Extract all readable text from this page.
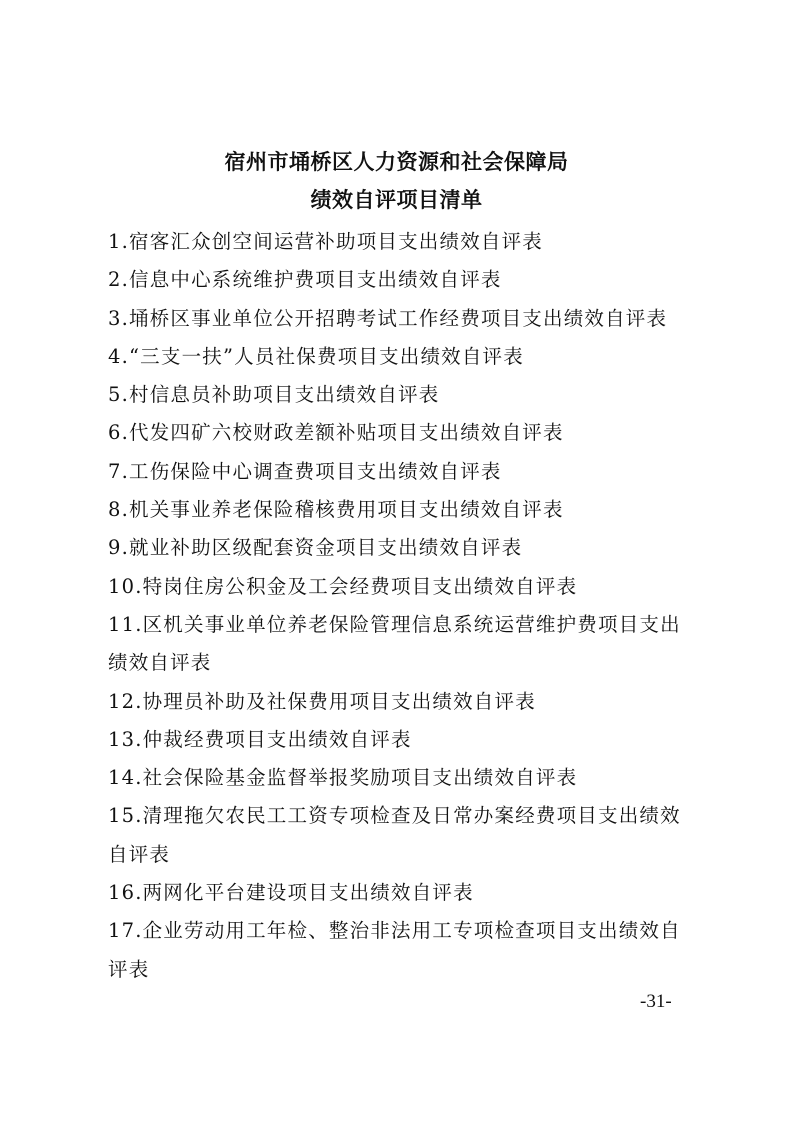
宿州市埇桥区人力资源和社会保障局
绩效自评项目清单
1.宿客汇众创空间运营补助项目支出绩效自评表
2.信息中心系统维护费项目支出绩效自评表
3.埇桥区事业单位公开招聘考试工作经费项目支出绩效自评表
4.“三支一扶”人员社保费项目支出绩效自评表
5.村信息员补助项目支出绩效自评表
6.代发四矿六校财政差额补贴项目支出绩效自评表
7.工伤保险中心调查费项目支出绩效自评表
8.机关事业养老保险稽核费用项目支出绩效自评表
9.就业补助区级配套资金项目支出绩效自评表
10.特岗住房公积金及工会经费项目支出绩效自评表
11.区机关事业单位养老保险管理信息系统运营维护费项目支出绩效自评表
12.协理员补助及社保费用项目支出绩效自评表
13.仲裁经费项目支出绩效自评表
14.社会保险基金监督举报奖励项目支出绩效自评表
15.清理拖欠农民工工资专项检查及日常办案经费项目支出绩效自评表
16.两网化平台建设项目支出绩效自评表
17.企业劳动用工年检、整治非法用工专项检查项目支出绩效自评表
-31-
